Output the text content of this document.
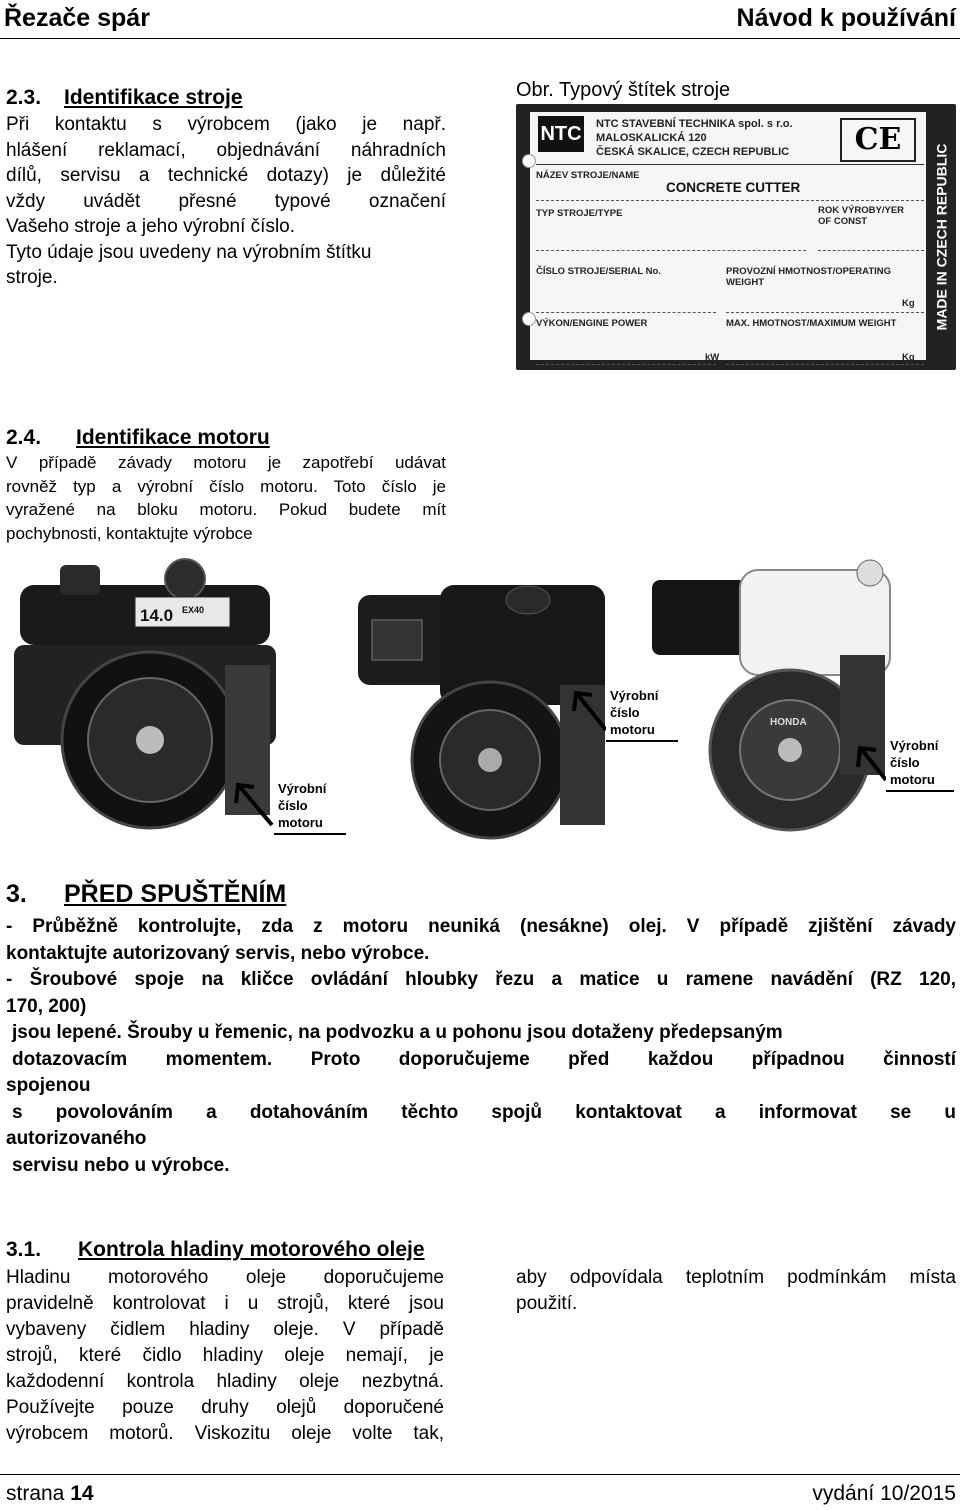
Řezače spár	Návod k používání
2.3. Identifikace stroje
Při kontaktu s výrobcem (jako je např.
hlášení reklamací, objednávání náhradních
dílů, servisu a technické dotazy) je důležité
vždy uvádět přesné typové označení
Vašeho stroje a jeho výrobní číslo.
Tyto údaje jsou uvedeny na výrobním štítku
stroje.
Obr. Typový štítek stroje
NTC NTC STAVEBNÍ TECHNIKA spol. s r.o.
MALOSKALICKÁ 120
ČESKÁ SKALICE, CZECH REPUBLIC	CE
NÁZEV STROJE/NAME
CONCRETE CUTTER
TYP STROJE/TYPE	ROK VÝROBY/YER
OF CONST
ČÍSLO STROJE/SERIAL No.	PROVOZNÍ HMOTNOST/OPERATING
WEIGHT
Kg
VÝKON/ENGINE POWER	MAX. HMOTNOST/MAXIMUM WEIGHT
kW	Kg
MADE IN CZECH REPUBLIC
2.4. Identifikace motoru
V případě závady motoru je zapotřebí udávat
rovněž typ a výrobní číslo motoru. Toto číslo je
vyražené na bloku motoru. Pokud budete mít
pochybnosti, kontaktujte výrobce
14.0 EX40
HONDA
Výrobní
číslo
motoru
Výrobní
číslo
motoru
Výrobní
číslo
motoru
3. PŘED SPUŠTĚNÍM
- Průběžně kontrolujte, zda z motoru neuniká (nesákne) olej. V případě zjištění závady
kontaktujte autorizovaný servis, nebo výrobce.
- Šroubové spoje na kličce ovládání hloubky řezu a matice u ramene navádění (RZ 120,
170, 200)
jsou lepené. Šrouby u řemenic, na podvozku a u pohonu jsou dotaženy předepsaným
dotazovacím momentem. Proto doporučujeme před každou případnou činností
spojenou
s povolováním a dotahováním těchto spojů kontaktovat a informovat se u
autorizovaného
servisu nebo u výrobce.
3.1. Kontrola hladiny motorového oleje
Hladinu motorového oleje doporučujeme
pravidelně kontrolovat i u strojů, které jsou
vybaveny čidlem hladiny oleje. V případě
strojů, které čidlo hladiny oleje nemají, je
každodenní kontrola hladiny oleje nezbytná.
Používejte pouze druhy olejů doporučené
výrobcem motorů. Viskozitu oleje volte tak,
aby odpovídala teplotním podmínkám místa
použití.
strana 14	vydání 10/2015
